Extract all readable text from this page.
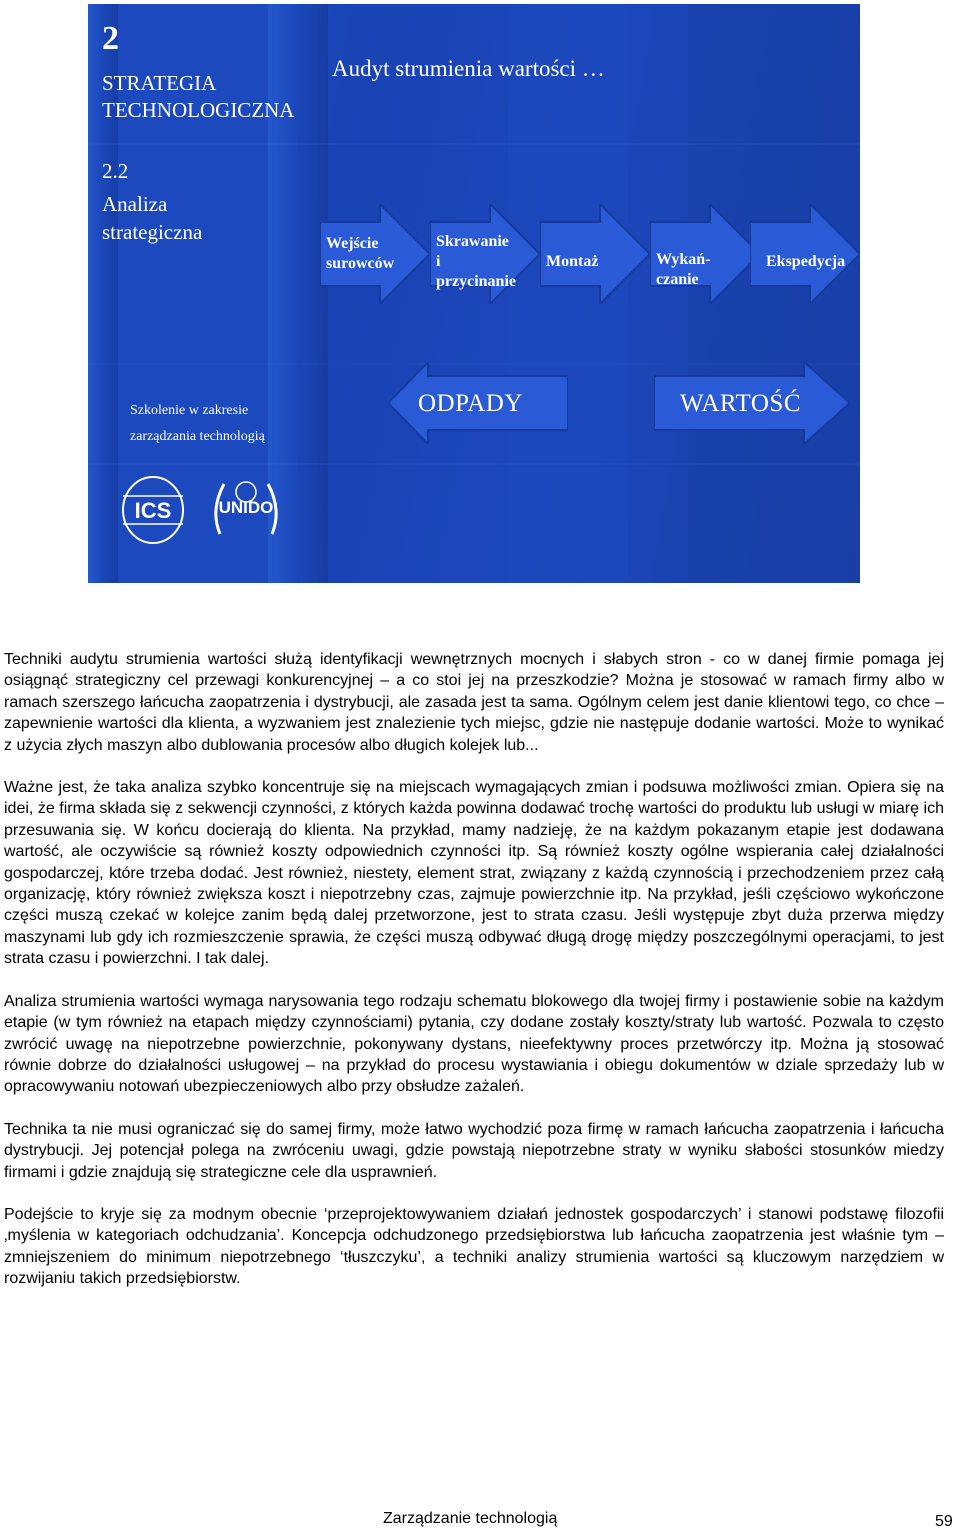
2
STRATEGIA
TECHNOLOGICZNA
2.2
Analiza
strategiczna
Audyt strumienia wartości …
Wejście
surowców
Skrawanie
i
przycinanie
Montaż	Wykań-
czanie
Ekspedycja
ODPADY	WARTOŚĆ
Szkolenie w zakresie
zarządzania technologią
ICS	UNIDO

Techniki audytu strumienia wartości służą identyfikacji wewnętrznych mocnych i słabych stron - co w danej firmie pomaga jej osiągnąć strategiczny cel przewagi konkurencyjnej – a co stoi jej na przeszkodzie? Można je stosować w ramach firmy albo w ramach szerszego łańcucha zaopatrzenia i dystrybucji, ale zasada jest ta sama. Ogólnym celem jest danie klientowi tego, co chce – zapewnienie wartości dla klienta, a wyzwaniem jest znalezienie tych miejsc, gdzie nie następuje dodanie wartości. Może to wynikać z użycia złych maszyn albo dublowania procesów albo długich kolejek lub...

Ważne jest, że taka analiza szybko koncentruje się na miejscach wymagających zmian i podsuwa możliwości zmian. Opiera się na idei, że firma składa się z sekwencji czynności, z których każda powinna dodawać trochę wartości do produktu lub usługi w miarę ich przesuwania się. W końcu docierają do klienta. Na przykład, mamy nadzieję, że na każdym pokazanym etapie jest dodawana wartość, ale oczywiście są również koszty odpowiednich czynności itp. Są również koszty ogólne wspierania całej działalności gospodarczej, które trzeba dodać. Jest również, niestety, element strat, związany z każdą czynnością i przechodzeniem przez całą organizację, który również zwiększa koszt i niepotrzebny czas, zajmuje powierzchnie itp. Na przykład, jeśli częściowo wykończone części muszą czekać w kolejce zanim będą dalej przetworzone, jest to strata czasu. Jeśli występuje zbyt duża przerwa między maszynami lub gdy ich rozmieszczenie sprawia, że części muszą odbywać długą drogę między poszczególnymi operacjami, to jest strata czasu i powierzchni. I tak dalej.

Analiza strumienia wartości wymaga narysowania tego rodzaju schematu blokowego dla twojej firmy i postawienie sobie na każdym etapie (w tym również na etapach między czynnościami) pytania, czy dodane zostały koszty/straty lub wartość. Pozwala to często zwrócić uwagę na niepotrzebne powierzchnie, pokonywany dystans, nieefektywny proces przetwórczy itp. Można ją stosować równie dobrze do działalności usługowej – na przykład do procesu wystawiania i obiegu dokumentów w dziale sprzedaży lub w opracowywaniu notowań ubezpieczeniowych albo przy obsłudze zażaleń.

Technika ta nie musi ograniczać się do samej firmy, może łatwo wychodzić poza firmę w ramach łańcucha zaopatrzenia i łańcucha dystrybucji. Jej potencjał polega na zwróceniu uwagi, gdzie powstają niepotrzebne straty w wyniku słabości stosunków miedzy firmami i gdzie znajdują się strategiczne cele dla usprawnień.

Podejście to kryje się za modnym obecnie ‘przeprojektowywaniem działań jednostek gospodarczych’ i stanowi podstawę filozofii ‚myślenia w kategoriach odchudzania’. Koncepcja odchudzonego przedsiębiorstwa lub łańcucha zaopatrzenia jest właśnie tym – zmniejszeniem do minimum niepotrzebnego ‘tłuszczyku’, a techniki analizy strumienia wartości są kluczowym narzędziem w rozwijaniu takich przedsiębiorstw.

Zarządzanie technologią	59
